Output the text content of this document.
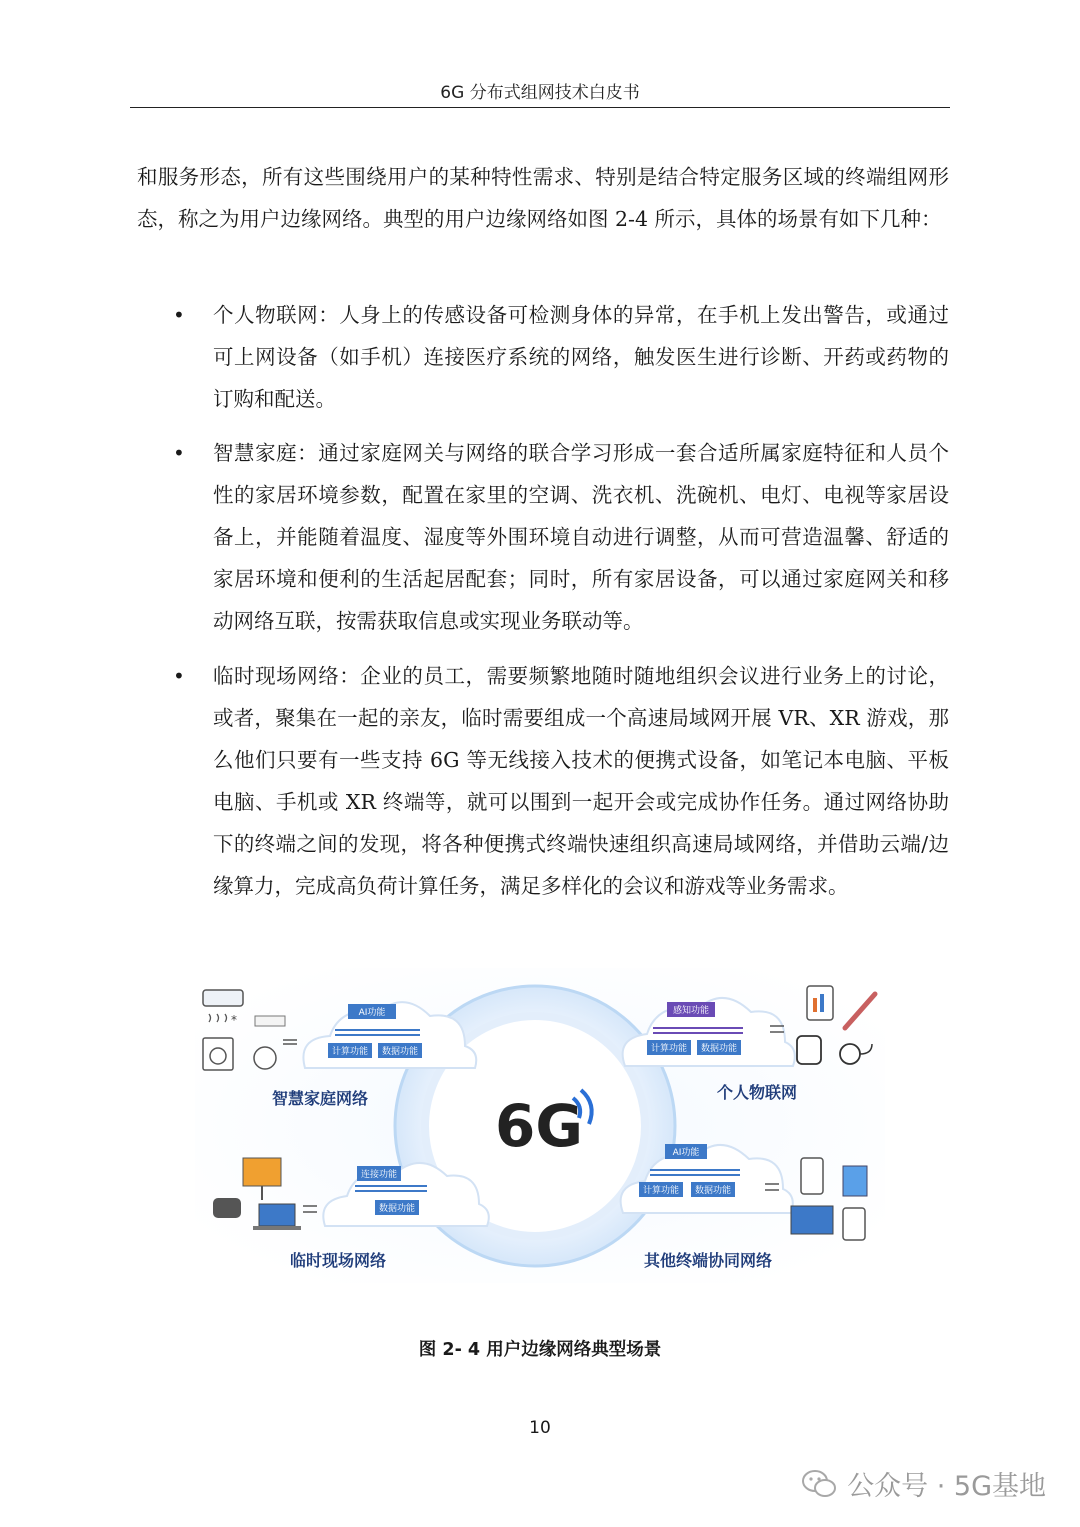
6G 分布式组网技术白皮书

和服务形态，所有这些围绕用户的某种特性需求、特别是结合特定服务区域的终端组网形态，称之为用户边缘网络。典型的用户边缘网络如图 2-4 所示，具体的场景有如下几种：

• 个人物联网：人身上的传感设备可检测身体的异常，在手机上发出警告，或通过可上网设备（如手机）连接医疗系统的网络，触发医生进行诊断、开药或药物的订购和配送。
• 智慧家庭：通过家庭网关与网络的联合学习形成一套合适所属家庭特征和人员个性的家居环境参数，配置在家里的空调、洗衣机、洗碗机、电灯、电视等家居设备上，并能随着温度、湿度等外围环境自动进行调整，从而可营造温馨、舒适的家居环境和便利的生活起居配套；同时，所有家居设备，可以通过家庭网关和移动网络互联，按需获取信息或实现业务联动等。
• 临时现场网络：企业的员工，需要频繁地随时随地组织会议进行业务上的讨论，或者，聚集在一起的亲友，临时需要组成一个高速局域网开展 VR、XR 游戏，那么他们只要有一些支持 6G 等无线接入技术的便携式设备，如笔记本电脑、平板电脑、手机或 XR 终端等，就可以围到一起开会或完成协作任务。通过网络协助下的终端之间的发现，将各种便携式终端快速组织高速局域网络，并借助云端/边缘算力，完成高负荷计算任务，满足多样化的会议和游戏等业务需求。
6G
AI功能
计算功能 数据功能
智慧家庭网络
*
感知功能
计算功能 数据功能
个人物联网
连接功能
数据功能
临时现场网络
AI功能
计算功能 数据功能
其他终端协同网络
图 2- 4 用户边缘网络典型场景
10
公众号 · 5G基地
